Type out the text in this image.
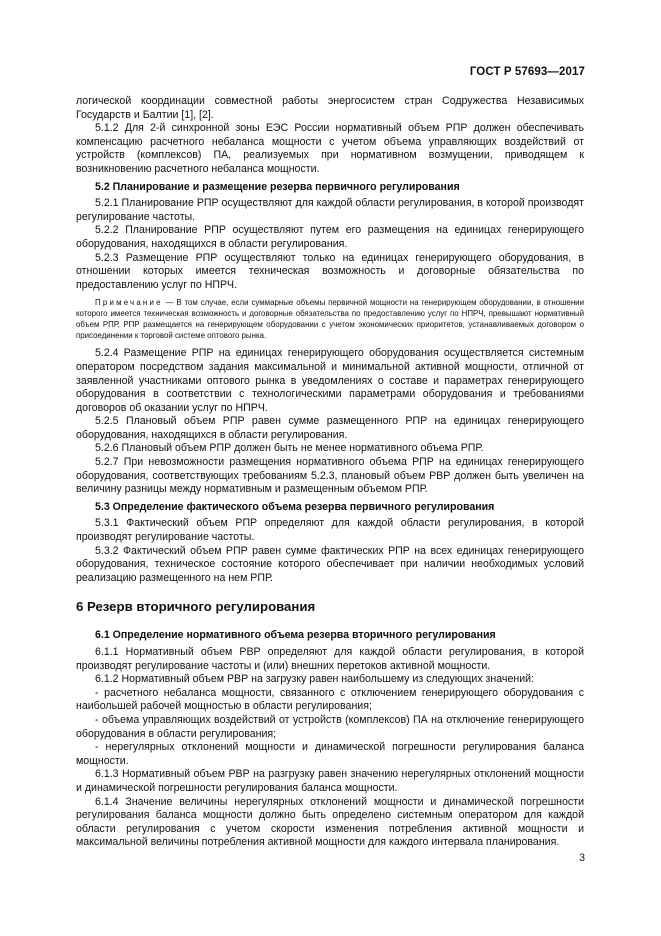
ГОСТ Р 57693—2017

логической координации совместной работы энергосистем стран Содружества Независимых Государств и Балтии [1], [2].

5.1.2 Для 2-й синхронной зоны ЕЭС России нормативный объем РПР должен обеспечивать компенсацию расчетного небаланса мощности с учетом объема управляющих воздействий от устройств (комплексов) ПА, реализуемых при нормативном возмущении, приводящем к возникновению расчетного небаланса мощности.

5.2 Планирование и размещение резерва первичного регулирования

5.2.1 Планирование РПР осуществляют для каждой области регулирования, в которой производят регулирование частоты.

5.2.2 Планирование РПР осуществляют путем его размещения на единицах генерирующего оборудования, находящихся в области регулирования.

5.2.3 Размещение РПР осуществляют только на единицах генерирующего оборудования, в отношении которых имеется техническая возможность и договорные обязательства по предоставлению услуг по НПРЧ.

Примечание — В том случае, если суммарные объемы первичной мощности на генерирующем оборудовании, в отношении которого имеется техническая возможность и договорные обязательства по предоставлению услуг по НПРЧ, превышают нормативный объем РПР, РПР размещается на генерирующем оборудовании с учетом экономических приоритетов, устанавливаемых договором о присоединении к торговой системе оптового рынка.

5.2.4 Размещение РПР на единицах генерирующего оборудования осуществляется системным оператором посредством задания максимальной и минимальной активной мощности, отличной от заявленной участниками оптового рынка в уведомлениях о составе и параметрах генерирующего оборудования в соответствии с технологическими параметрами оборудования и требованиями договоров об оказании услуг по НПРЧ.

5.2.5 Плановый объем РПР равен сумме размещенного РПР на единицах генерирующего оборудования, находящихся в области регулирования.

5.2.6 Плановый объем РПР должен быть не менее нормативного объема РПР.

5.2.7 При невозможности размещения нормативного объема РПР на единицах генерирующего оборудования, соответствующих требованиям 5.2.3, плановый объем РВР должен быть увеличен на величину разницы между нормативным и размещенным объемом РПР.

5.3 Определение фактического объема резерва первичного регулирования

5.3.1 Фактический объем РПР определяют для каждой области регулирования, в которой производят регулирование частоты.

5.3.2 Фактический объем РПР равен сумме фактических РПР на всех единицах генерирующего оборудования, техническое состояние которого обеспечивает при наличии необходимых условий реализацию размещенного на нем РПР.

6 Резерв вторичного регулирования

6.1 Определение нормативного объема резерва вторичного регулирования

6.1.1 Нормативный объем РВР определяют для каждой области регулирования, в которой производят регулирование частоты и (или) внешних перетоков активной мощности.

6.1.2 Нормативный объем РВР на загрузку равен наибольшему из следующих значений:

- расчетного небаланса мощности, связанного с отключением генерирующего оборудования с наибольшей рабочей мощностью в области регулирования;

- объема управляющих воздействий от устройств (комплексов) ПА на отключение генерирующего оборудования в области регулирования;

- нерегулярных отклонений мощности и динамической погрешности регулирования баланса мощности.

6.1.3 Нормативный объем РВР на разгрузку равен значению нерегулярных отклонений мощности и динамической погрешности регулирования баланса мощности.

6.1.4 Значение величины нерегулярных отклонений мощности и динамической погрешности регулирования баланса мощности должно быть определено системным оператором для каждой области регулирования с учетом скорости изменения потребления активной мощности и максимальной величины потребления активной мощности для каждого интервала планирования.

3
